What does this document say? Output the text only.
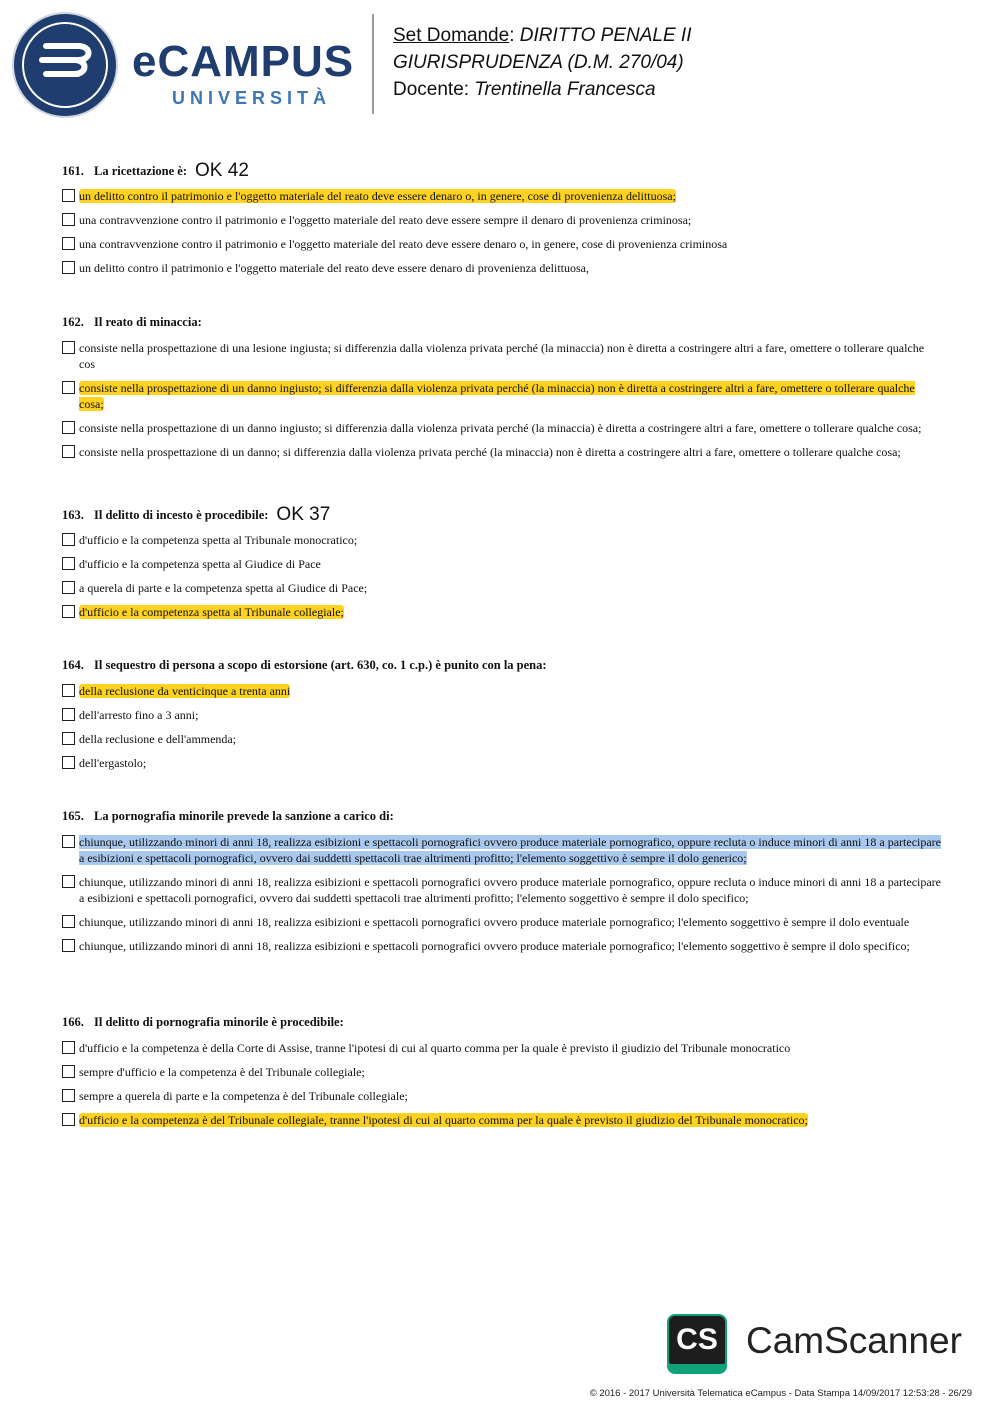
eCAMPUS
UNIVERSITÀ
Set Domande: DIRITTO PENALE II
GIURISPRUDENZA (D.M. 270/04)
Docente: Trentinella Francesca
161. La ricettazione è: OK 42
un delitto contro il patrimonio e l'oggetto materiale del reato deve essere denaro o, in genere, cose di provenienza delittuosa;
una contravvenzione contro il patrimonio e l'oggetto materiale del reato deve essere sempre il denaro di provenienza criminosa;
una contravvenzione contro il patrimonio e l'oggetto materiale del reato deve essere denaro o, in genere, cose di provenienza criminosa
un delitto contro il patrimonio e l'oggetto materiale del reato deve essere denaro di provenienza delittuosa,
162. Il reato di minaccia:
consiste nella prospettazione di una lesione ingiusta; si differenzia dalla violenza privata perché (la minaccia) non è diretta a costringere altri a fare, omettere o tollerare qualche cos
consiste nella prospettazione di un danno ingiusto; si differenzia dalla violenza privata perché (la minaccia) non è diretta a costringere altri a fare, omettere o tollerare qualche cosa;
consiste nella prospettazione di un danno ingiusto; si differenzia dalla violenza privata perché (la minaccia) è diretta a costringere altri a fare, omettere o tollerare qualche cosa;
consiste nella prospettazione di un danno; si differenzia dalla violenza privata perché (la minaccia) non è diretta a costringere altri a fare, omettere o tollerare qualche cosa;
163. Il delitto di incesto è procedibile: OK 37
d'ufficio e la competenza spetta al Tribunale monocratico;
d'ufficio e la competenza spetta al Giudice di Pace
a querela di parte e la competenza spetta al Giudice di Pace;
d'ufficio e la competenza spetta al Tribunale collegiale;
164. Il sequestro di persona a scopo di estorsione (art. 630, co. 1 c.p.) è punito con la pena:
della reclusione da venticinque a trenta anni
dell'arresto fino a 3 anni;
della reclusione e dell'ammenda;
dell'ergastolo;
165. La pornografia minorile prevede la sanzione a carico di:
chiunque, utilizzando minori di anni 18, realizza esibizioni e spettacoli pornografici ovvero produce materiale pornografico, oppure recluta o induce minori di anni 18 a partecipare a esibizioni e spettacoli pornografici, ovvero dai suddetti spettacoli trae altrimenti profitto; l'elemento soggettivo è sempre il dolo generico;
chiunque, utilizzando minori di anni 18, realizza esibizioni e spettacoli pornografici ovvero produce materiale pornografico, oppure recluta o induce minori di anni 18 a partecipare a esibizioni e spettacoli pornografici, ovvero dai suddetti spettacoli trae altrimenti profitto; l'elemento soggettivo è sempre il dolo specifico;
chiunque, utilizzando minori di anni 18, realizza esibizioni e spettacoli pornografici ovvero produce materiale pornografico; l'elemento soggettivo è sempre il dolo eventuale
chiunque, utilizzando minori di anni 18, realizza esibizioni e spettacoli pornografici ovvero produce materiale pornografico; l'elemento soggettivo è sempre il dolo specifico;
166. Il delitto di pornografia minorile è procedibile:
d'ufficio e la competenza è della Corte di Assise, tranne l'ipotesi di cui al quarto comma per la quale è previsto il giudizio del Tribunale monocratico
sempre d'ufficio e la competenza è del Tribunale collegiale;
sempre a querela di parte e la competenza è del Tribunale collegiale;
d'ufficio e la competenza è del Tribunale collegiale, tranne l'ipotesi di cui al quarto comma per la quale è previsto il giudizio del Tribunale monocratico;
CS CamScanner
© 2016 - 2017 Università Telematica eCampus - Data Stampa 14/09/2017 12:53:28 - 26/29
